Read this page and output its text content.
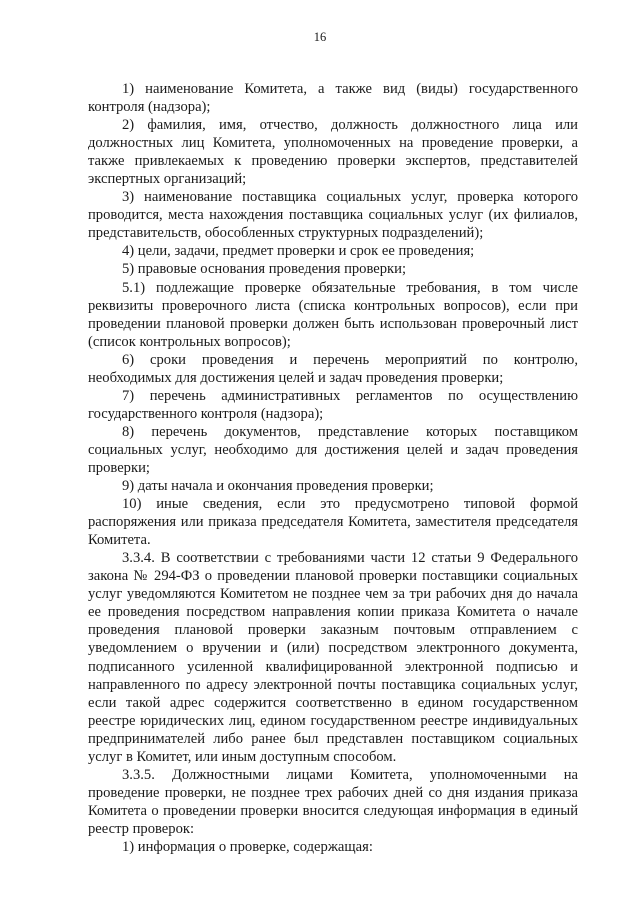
16

1) наименование Комитета, а также вид (виды) государственного контроля (надзора);

2) фамилия, имя, отчество, должность должностного лица или должностных лиц Комитета, уполномоченных на проведение проверки, а также привлекаемых к проведению проверки экспертов, представителей экспертных организаций;

3) наименование поставщика социальных услуг, проверка которого проводится, места нахождения поставщика социальных услуг (их филиалов, представительств, обособленных структурных подразделений);

4) цели, задачи, предмет проверки и срок ее проведения;

5) правовые основания проведения проверки;

5.1) подлежащие проверке обязательные требования, в том числе реквизиты проверочного листа (списка контрольных вопросов), если при проведении плановой проверки должен быть использован проверочный лист (список контрольных вопросов);

6) сроки проведения и перечень мероприятий по контролю, необходимых для достижения целей и задач проведения проверки;

7) перечень административных регламентов по осуществлению государственного контроля (надзора);

8) перечень документов, представление которых поставщиком социальных услуг, необходимо для достижения целей и задач проведения проверки;

9) даты начала и окончания проведения проверки;

10) иные сведения, если это предусмотрено типовой формой распоряжения или приказа председателя Комитета, заместителя председателя Комитета.

3.3.4. В соответствии с требованиями части 12 статьи 9 Федерального закона № 294-ФЗ о проведении плановой проверки поставщики социальных услуг уведомляются Комитетом не позднее чем за три рабочих дня до начала ее проведения посредством направления копии приказа Комитета о начале проведения плановой проверки заказным почтовым отправлением с уведомлением о вручении и (или) посредством электронного документа, подписанного усиленной квалифицированной электронной подписью и направленного по адресу электронной почты поставщика социальных услуг, если такой адрес содержится соответственно в едином государственном реестре юридических лиц, едином государственном реестре индивидуальных предпринимателей либо ранее был представлен поставщиком социальных услуг в Комитет, или иным доступным способом.

3.3.5. Должностными лицами Комитета, уполномоченными на проведение проверки, не позднее трех рабочих дней со дня издания приказа Комитета о проведении проверки вносится следующая информация в единый реестр проверок:

1) информация о проверке, содержащая:
